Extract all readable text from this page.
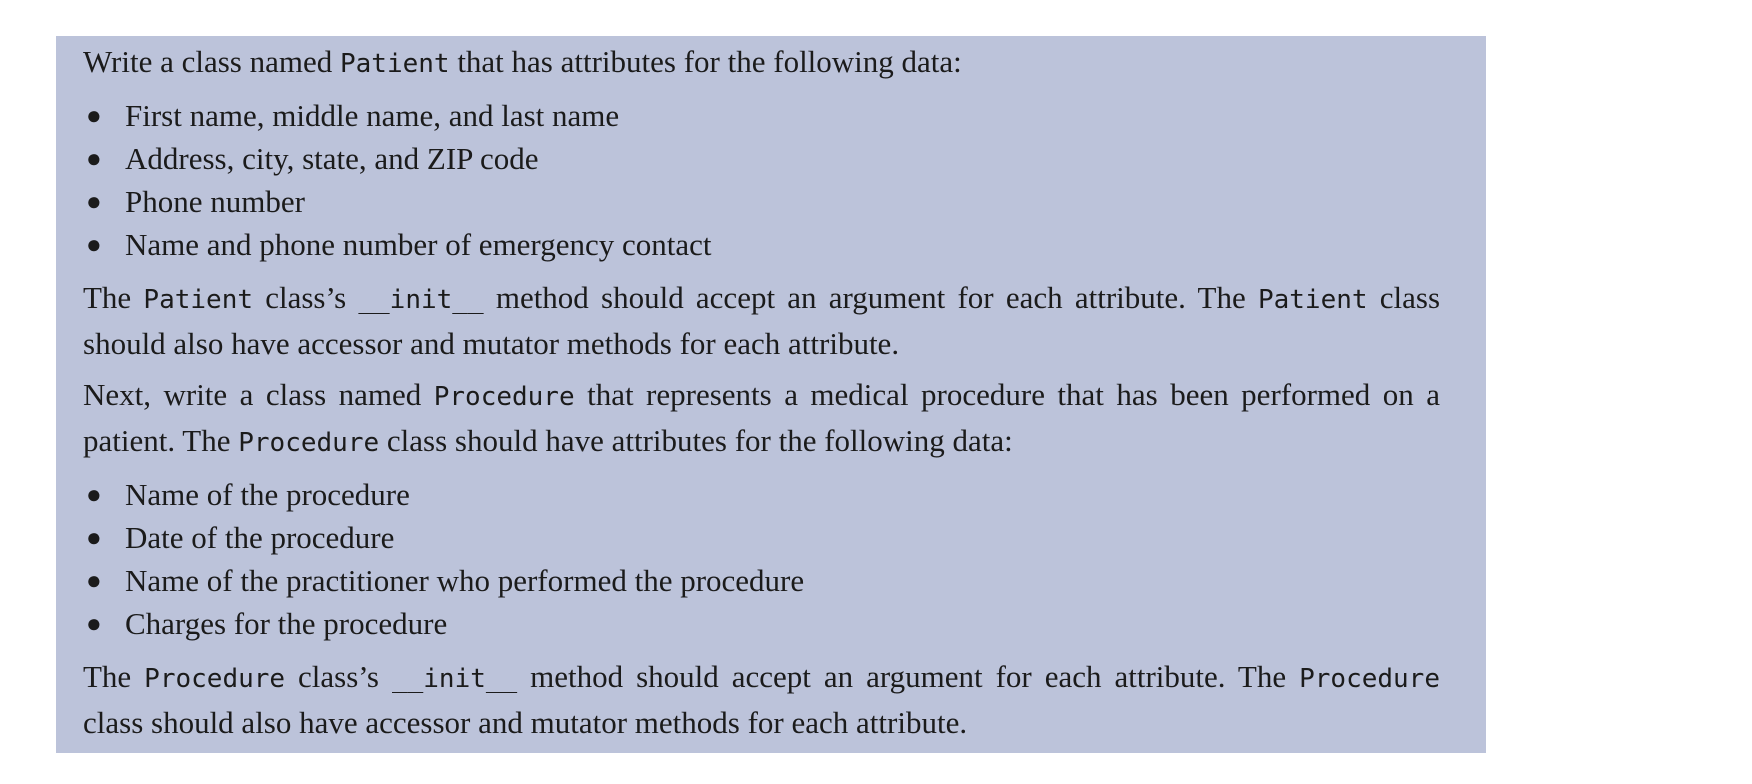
Write a class named Patient that has attributes for the following data:

● First name, middle name, and last name
● Address, city, state, and ZIP code
● Phone number
● Name and phone number of emergency contact

The Patient class’s __init__ method should accept an argument for each attribute. The Patient class should also have accessor and mutator methods for each attribute.

Next, write a class named Procedure that represents a medical procedure that has been performed on a patient. The Procedure class should have attributes for the following data:

● Name of the procedure
● Date of the procedure
● Name of the practitioner who performed the procedure
● Charges for the procedure

The Procedure class’s __init__ method should accept an argument for each attribute. The Procedure class should also have accessor and mutator methods for each attribute.
